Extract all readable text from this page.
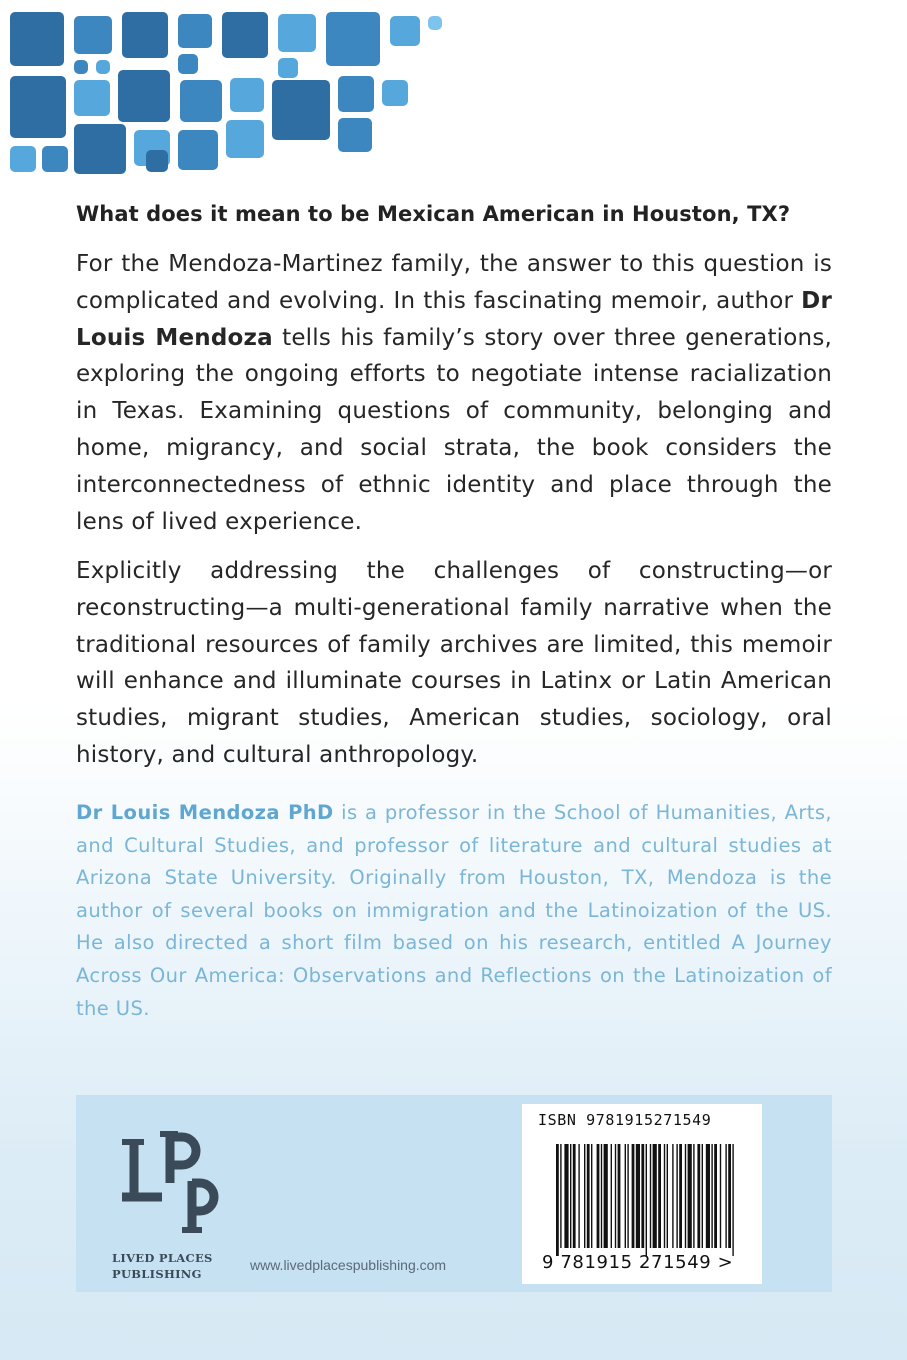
What does it mean to be Mexican American in Houston, TX?

For the Mendoza-Martinez family, the answer to this question is complicated and evolving. In this fascinating memoir, author Dr Louis Mendoza tells his family’s story over three generations, exploring the ongoing efforts to negotiate intense racialization in Texas. Examining questions of community, belonging and home, migrancy, and social strata, the book considers the interconnectedness of ethnic identity and place through the lens of lived experience.

Explicitly addressing the challenges of constructing—or reconstructing—a multi-generational family narrative when the traditional resources of family archives are limited, this memoir will enhance and illuminate courses in Latinx or Latin American studies, migrant studies, American studies, sociology, oral history, and cultural anthropology.

Dr Louis Mendoza PhD is a professor in the School of Humanities, Arts, and Cultural Studies, and professor of literature and cultural studies at Arizona State University. Originally from Houston, TX, Mendoza is the author of several books on immigration and the Latinoization of the US. He also directed a short film based on his research, entitled A Journey Across Our America: Observations and Reflections on the Latinoization of the US.

LIVED PLACES
PUBLISHING
www.livedplacespublishing.com
ISBN 9781915271549
9 781915 271549 >
